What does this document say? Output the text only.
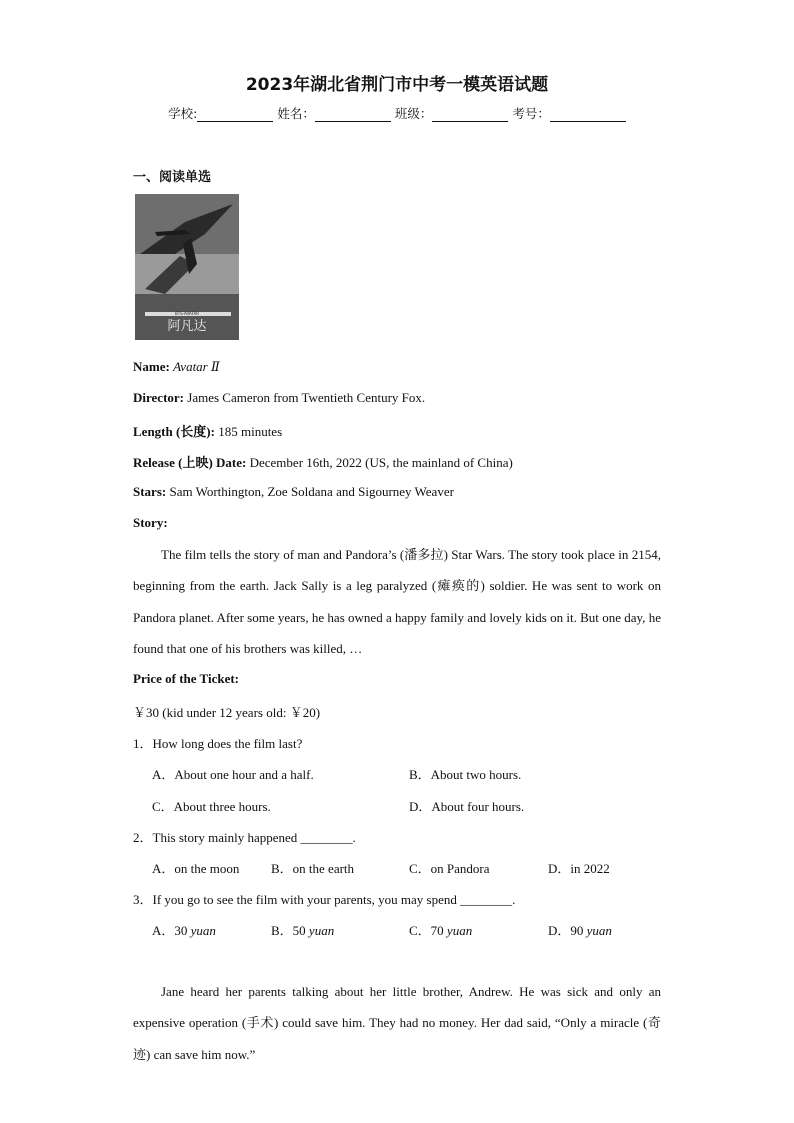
2023年湖北省荆门市中考一模英语试题
学校:	姓名：	班级：	考号：
一、阅读单选
BTS·AVATAR
阿凡达
Name: Avatar Ⅱ
Director: James Cameron from Twentieth Century Fox.
Length (长度): 185 minutes
Release (上映) Date: December 16th, 2022 (US, the mainland of China)
Stars: Sam Worthington, Zoe Soldana and Sigourney Weaver
Story:
The film tells the story of man and Pandora’s (潘多拉) Star Wars. The story took place in 2154, beginning from the earth. Jack Sally is a leg paralyzed (瘫痪的) soldier. He was sent to work on Pandora planet. After some years, he has owned a happy family and lovely kids on it. But one day, he found that one of his brothers was killed, …
Price of the Ticket:
￥30 (kid under 12 years old: ￥20)
1．How long does the film last?
A．About one hour and a half.	B．About two hours.
C．About three hours.	D．About four hours.
2．This story mainly happened ________.
A．on the moon B．on the earth	C．on Pandora	D．in 2022
3．If you go to see the film with your parents, you may spend ________.
A．30 yuan	B．50 yuan	C．70 yuan	D．90 yuan
Jane heard her parents talking about her little brother, Andrew. He was sick and only an expensive operation (手术) could save him. They had no money. Her dad said, “Only a miracle (奇迹) can save him now.”
